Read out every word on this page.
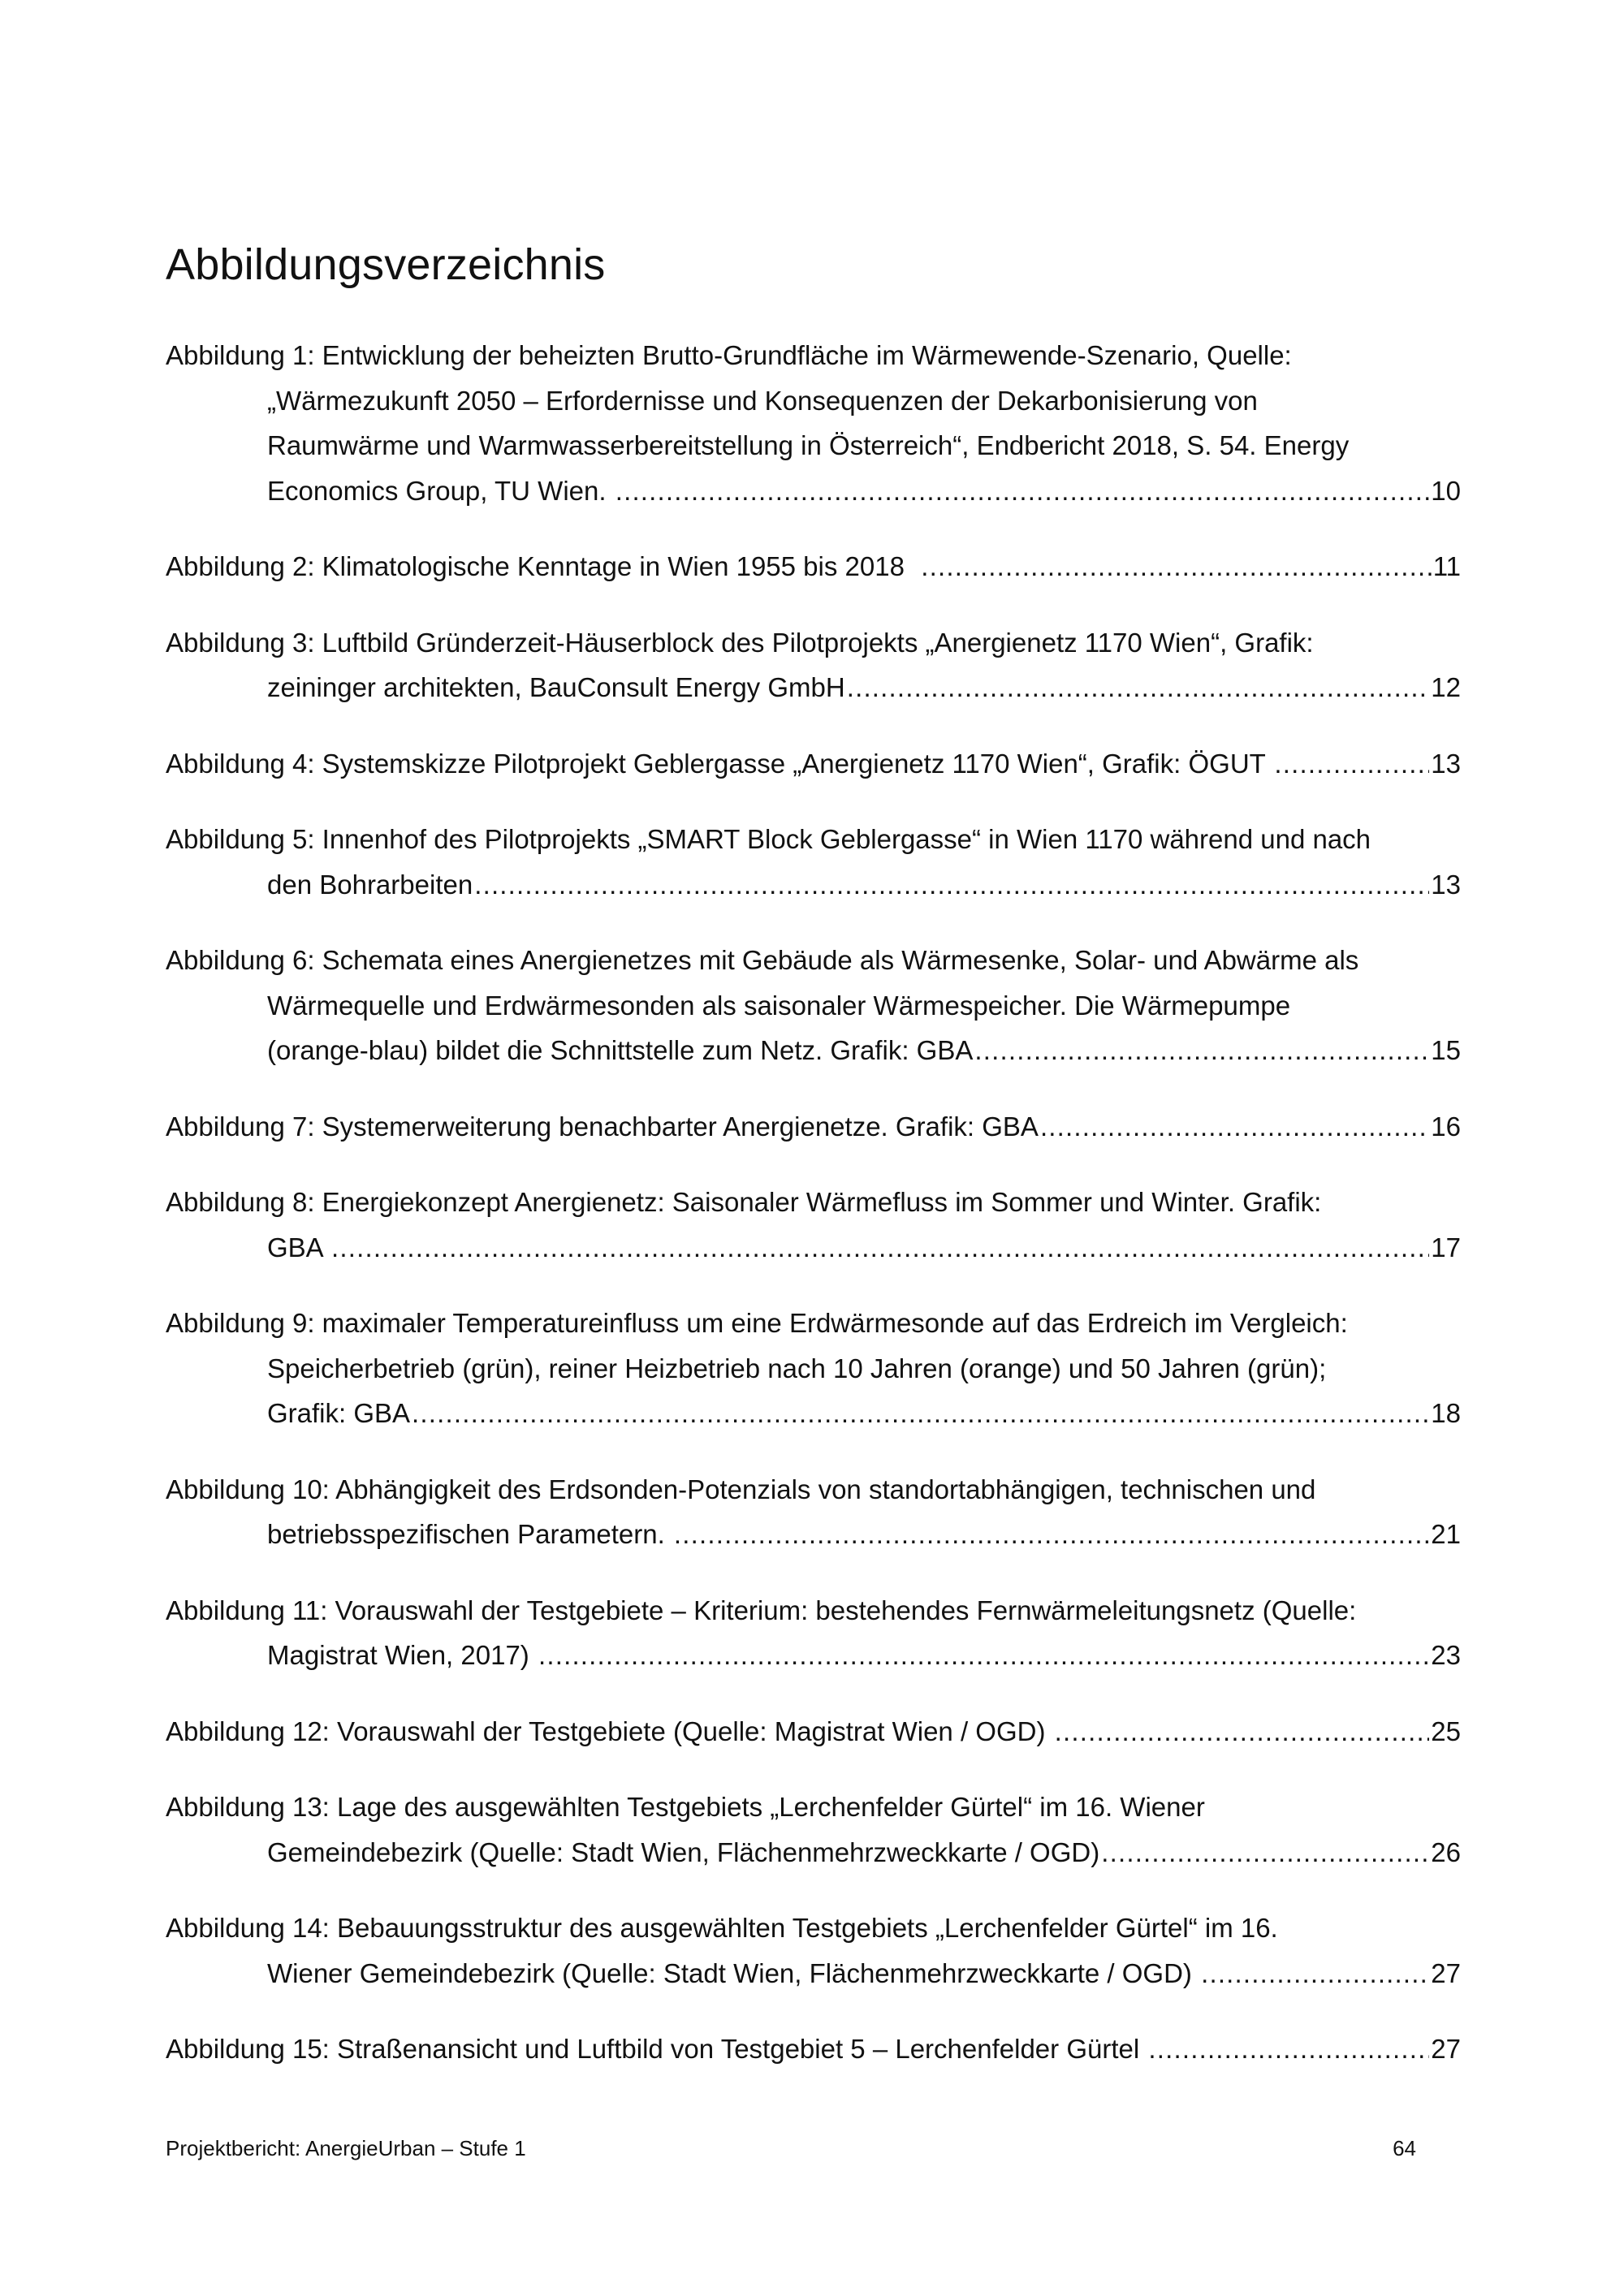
Abbildungsverzeichnis
Abbildung 1: Entwicklung der beheizten Brutto-Grundfläche im Wärmewende-Szenario, Quelle:
„Wärmezukunft 2050 – Erfordernisse und Konsequenzen der Dekarbonisierung von
Raumwärme und Warmwasserbereitstellung in Österreich“, Endbericht 2018, S. 54. Energy
Economics Group, TU Wien. .....	10
Abbildung 2: Klimatologische Kenntage in Wien 1955 bis 2018 .....	11
Abbildung 3: Luftbild Gründerzeit-Häuserblock des Pilotprojekts „Anergienetz 1170 Wien“, Grafik:
zeininger architekten, BauConsult Energy GmbH .....	12
Abbildung 4: Systemskizze Pilotprojekt Geblergasse „Anergienetz 1170 Wien“, Grafik: ÖGUT .....	13
Abbildung 5: Innenhof des Pilotprojekts „SMART Block Geblergasse“ in Wien 1170 während und nach
den Bohrarbeiten .....	13
Abbildung 6: Schemata eines Anergienetzes mit Gebäude als Wärmesenke, Solar- und Abwärme als
Wärmequelle und Erdwärmesonden als saisonaler Wärmespeicher. Die Wärmepumpe
(orange-blau) bildet die Schnittstelle zum Netz. Grafik: GBA .....	15
Abbildung 7: Systemerweiterung benachbarter Anergienetze. Grafik: GBA .....	16
Abbildung 8: Energiekonzept Anergienetz: Saisonaler Wärmefluss im Sommer und Winter. Grafik:
GBA .....	17
Abbildung 9: maximaler Temperatureinfluss um eine Erdwärmesonde auf das Erdreich im Vergleich:
Speicherbetrieb (grün), reiner Heizbetrieb nach 10 Jahren (orange) und 50 Jahren (grün);
Grafik: GBA .....	18
Abbildung 10: Abhängigkeit des Erdsonden-Potenzials von standortabhängigen, technischen und
betriebsspezifischen Parametern. .....	21
Abbildung 11: Vorauswahl der Testgebiete – Kriterium: bestehendes Fernwärmeleitungsnetz (Quelle:
Magistrat Wien, 2017) .....	23
Abbildung 12: Vorauswahl der Testgebiete (Quelle: Magistrat Wien / OGD) .....	25
Abbildung 13: Lage des ausgewählten Testgebiets „Lerchenfelder Gürtel“ im 16. Wiener
Gemeindebezirk (Quelle: Stadt Wien, Flächenmehrzweckkarte / OGD) .....	26
Abbildung 14: Bebauungsstruktur des ausgewählten Testgebiets „Lerchenfelder Gürtel“ im 16.
Wiener Gemeindebezirk (Quelle: Stadt Wien, Flächenmehrzweckkarte / OGD) .....	27
Abbildung 15: Straßenansicht und Luftbild von Testgebiet 5 – Lerchenfelder Gürtel .....	27
Projektbericht: AnergieUrban – Stufe 1	64
